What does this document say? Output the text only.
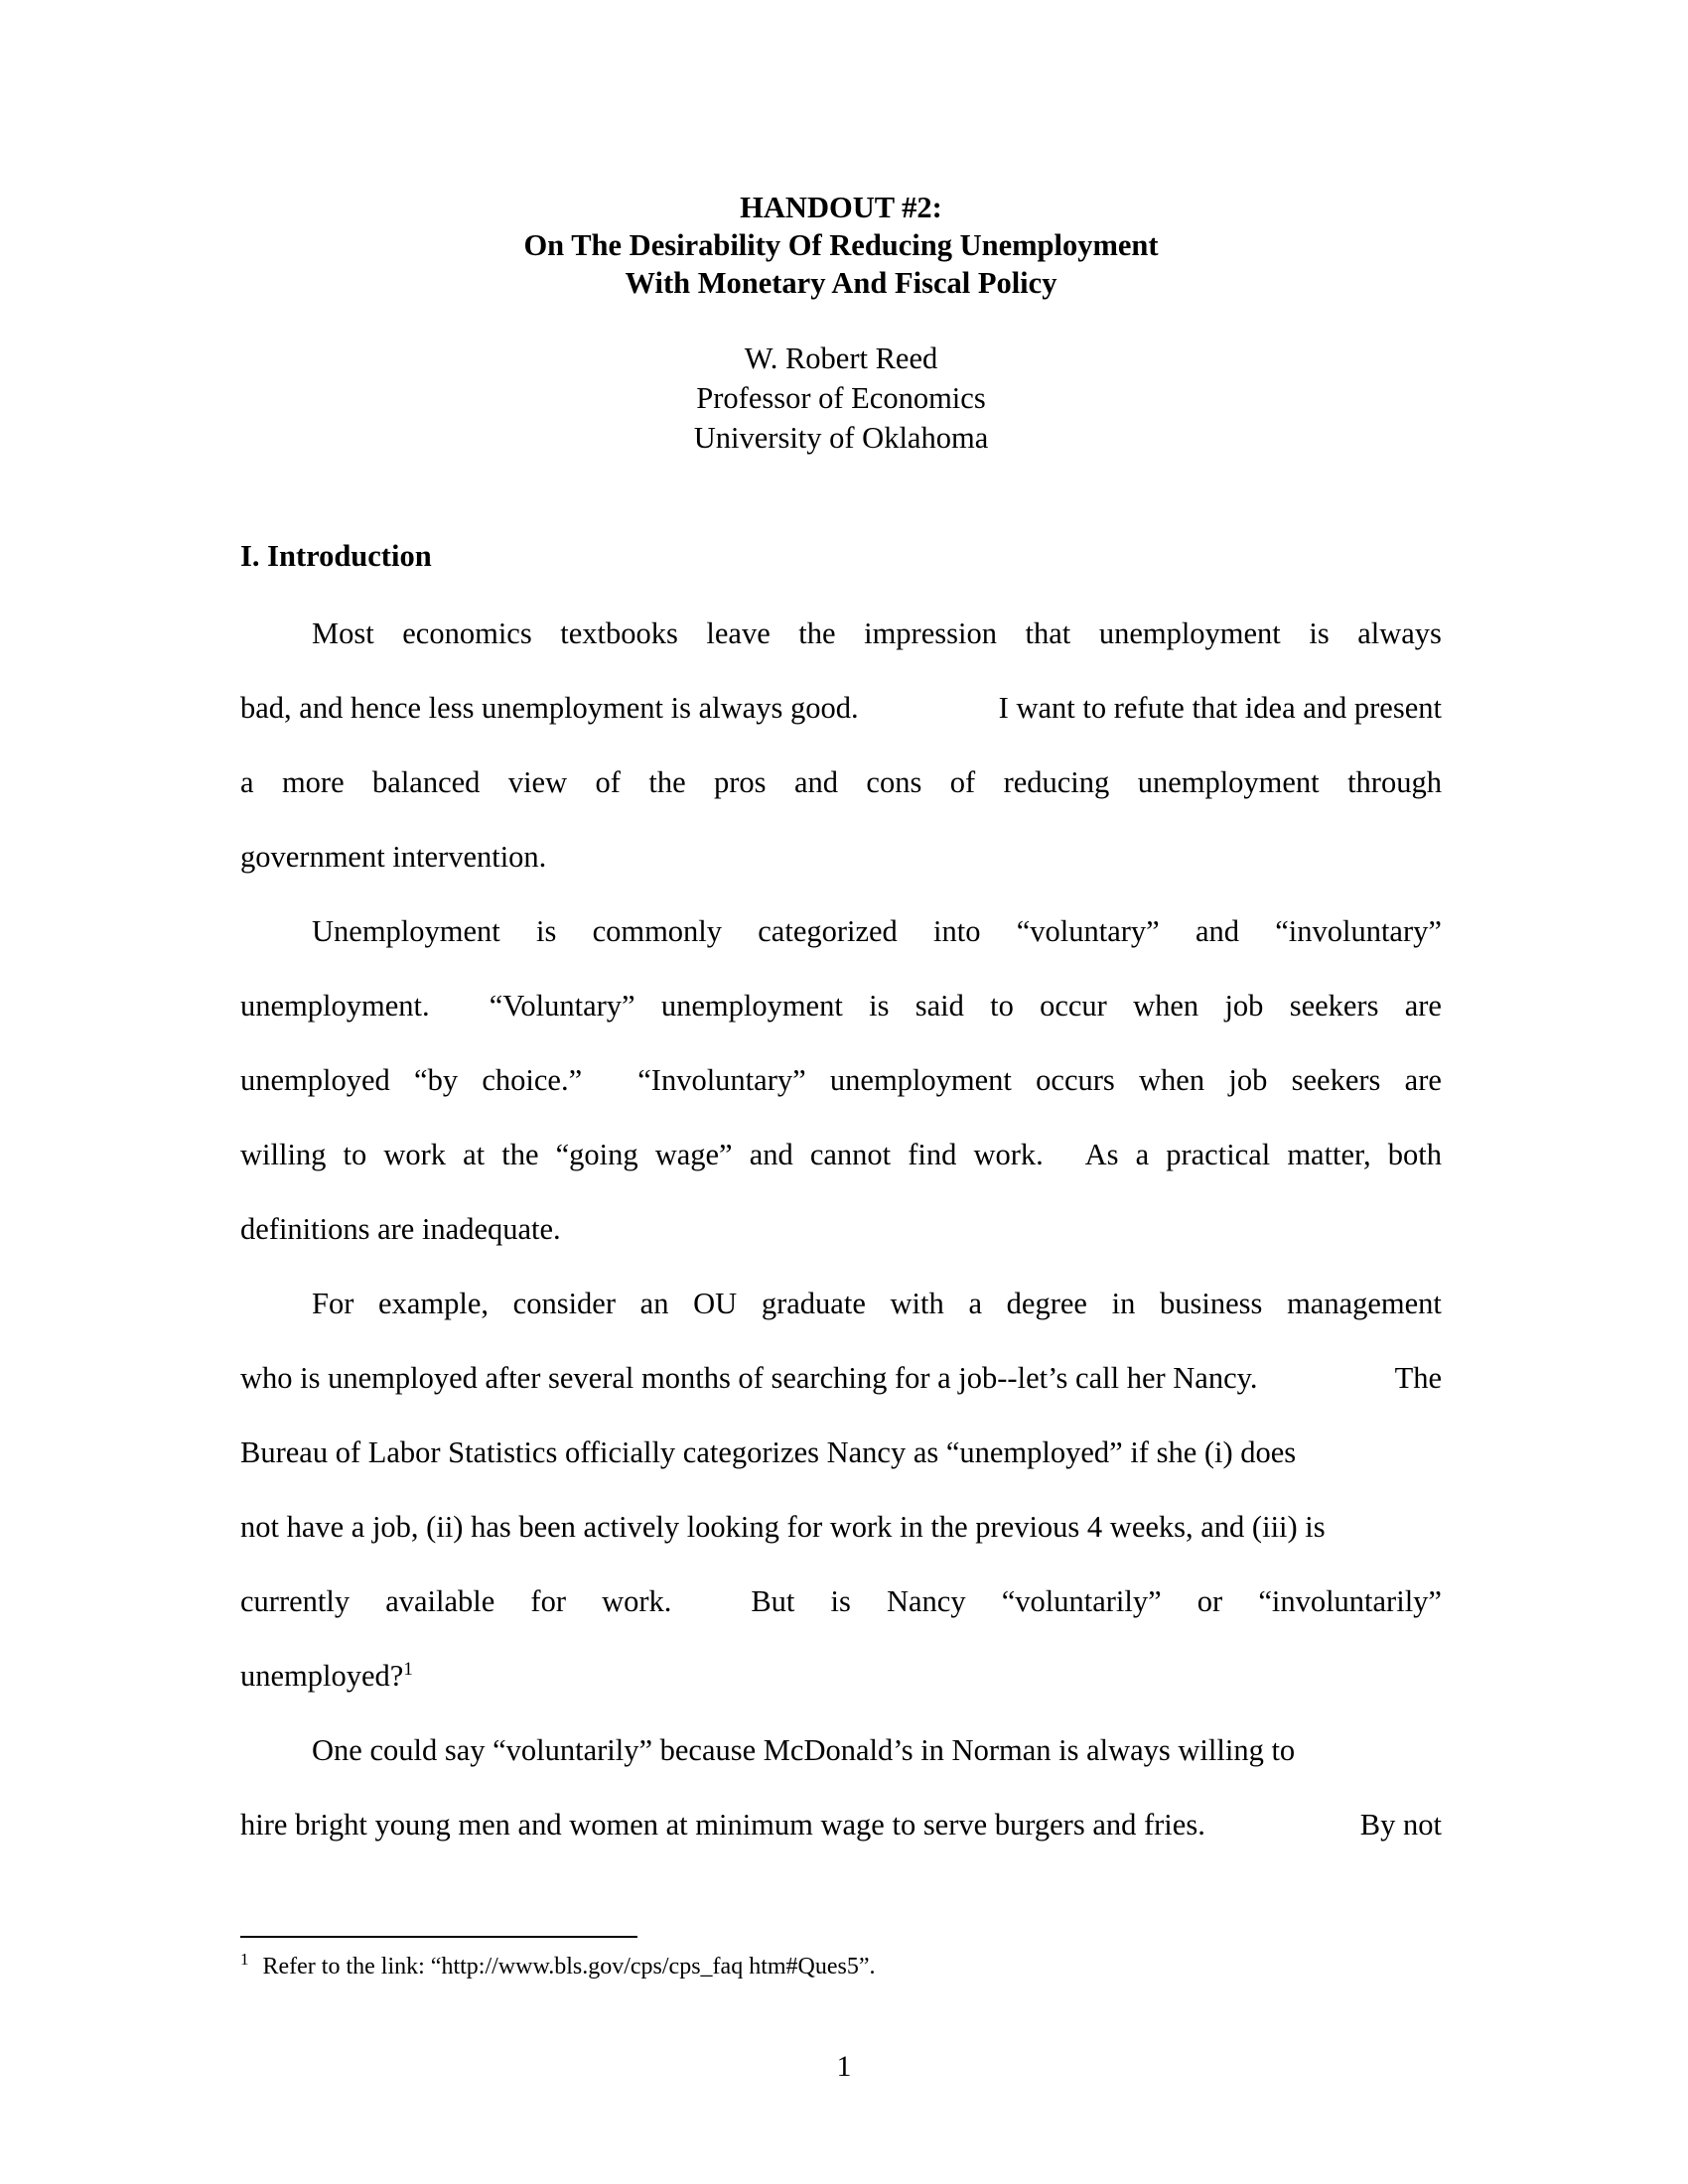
HANDOUT #2:
On The Desirability Of Reducing Unemployment
With Monetary And Fiscal Policy
W. Robert Reed
Professor of Economics
University of Oklahoma
I. Introduction
Most economics textbooks leave the impression that unemployment is always
bad, and hence less unemployment is always good.
	I want to refute that idea and present
a more balanced view of the pros and cons of reducing unemployment through
government intervention.
Unemployment is commonly categorized into “voluntary” and “involuntary”
unemployment.
“Voluntary” unemployment is said to occur when job seekers are
unemployed “by choice.”
“Involuntary” unemployment occurs when job seekers are
willing to work at the “going wage” and cannot find work.
As a practical matter, both
definitions are inadequate.
For example, consider an OU graduate with a degree in business management
who is unemployed after several months of searching for a job--let’s call her Nancy.
	The
Bureau of Labor Statistics officially categorizes Nancy as “unemployed” if she (i) does
not have a job, (ii) has been actively looking for work in the previous 4 weeks, and (iii) is
currently available for work.
	But is Nancy “voluntarily” or “involuntarily”
unemployed?$^1$
One could say “voluntarily” because McDonald’s in Norman is always willing to
hire bright young men and women at minimum wage to serve burgers and fries.
	By not
$^1$ Refer to the link: “http://www.bls.gov/cps/cps_faq htm#Ques5”.
1
